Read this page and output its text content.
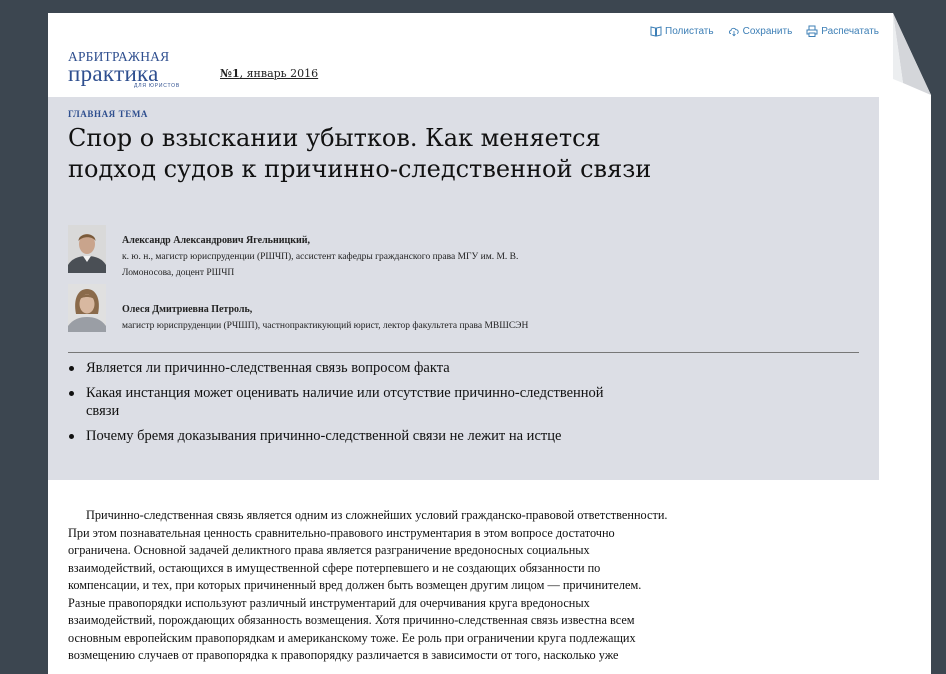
Полистать	Сохранить	Распечатать
АРБИТРАЖНАЯ
практика
ДЛЯ ЮРИСТОВ
№1, январь 2016
ГЛАВНАЯ ТЕМА
Спор о взыскании убытков. Как меняется подход судов к причинно-следственной связи
Александр Александрович Ягельницкий,
к. ю. н., магистр юриспруденции (РШЧП), ассистент кафедры гражданского права МГУ им. М. В.
Ломоносова, доцент РШЧП
Олеся Дмитриевна Петроль,
магистр юриспруденции (РЧШП), частнопрактикующий юрист, лектор факультета права МВШСЭН
Является ли причинно-следственная связь вопросом факта
Какая инстанция может оценивать наличие или отсутствие причинно-следственной связи
Почему бремя доказывания причинно-следственной связи не лежит на истце

Причинно-следственная связь является одним из сложнейших условий гражданско-правовой ответственности. При этом познавательная ценность сравнительно-правового инструментария в этом вопросе достаточно ограничена. Основной задачей деликтного права является разграничение вредоносных социальных взаимодействий, остающихся в имущественной сфере потерпевшего и не создающих обязанности по компенсации, и тех, при которых причиненный вред должен быть возмещен другим лицом — причинителем. Разные правопорядки используют различный инструментарий для очерчивания круга вредоносных взаимодействий, порождающих обязанность возмещения. Хотя причинно-следственная связь известна всем основным европейским правопорядкам и американскому тоже. Ее роль при ограничении круга подлежащих возмещению случаев от правопорядка к правопорядку различается в зависимости от того, насколько уже
